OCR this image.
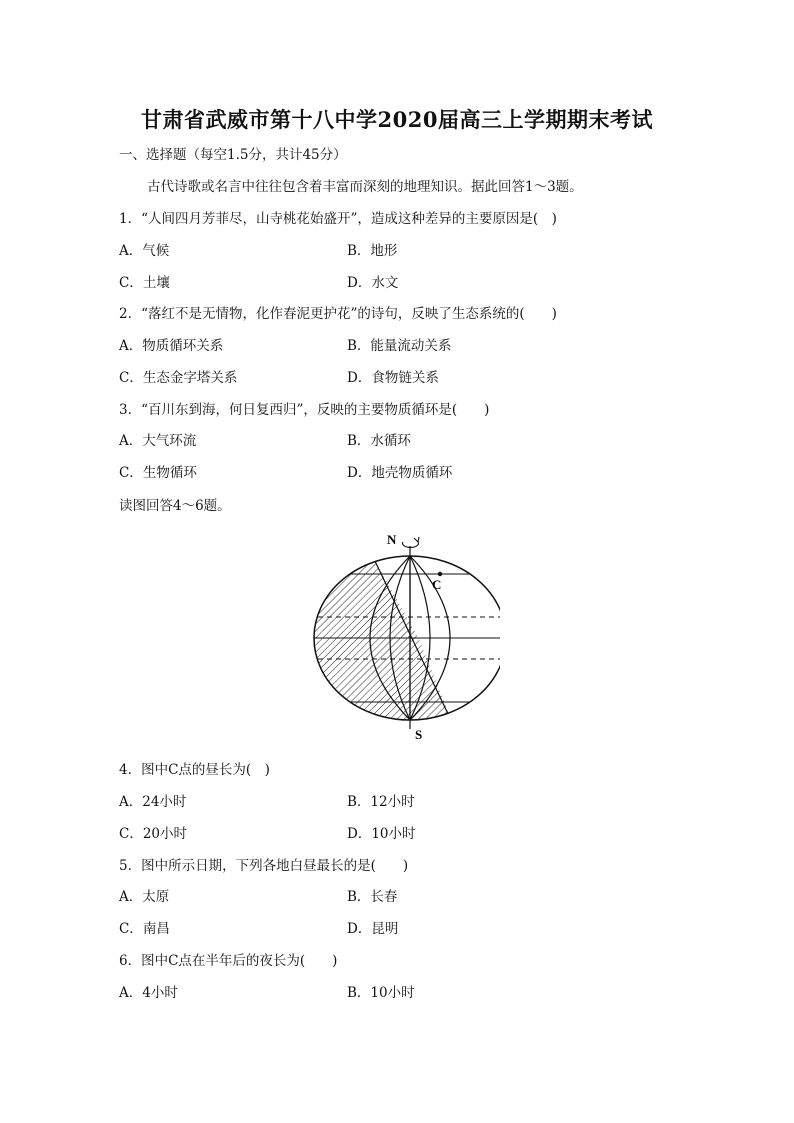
甘肃省武威市第十八中学2020届高三上学期期末考试
一、选择题（每空1.5分，共计45分）
古代诗歌或名言中往往包含着丰富而深刻的地理知识。据此回答1～3题。
1．“人间四月芳菲尽，山寺桃花始盛开”，造成这种差异的主要原因是(　)
A．气候	B．地形
C．土壤	D．水文
2．“落红不是无情物，化作春泥更护花”的诗句，反映了生态系统的(　　)
A．物质循环关系	B．能量流动关系
C．生态金字塔关系	D．食物链关系
3．“百川东到海，何日复西归”，反映的主要物质循环是(　　)
A．大气环流	B．水循环
C．生物循环	D．地壳物质循环
读图回答4～6题。
N
S
C
4．图中C点的昼长为(　)
A．24小时	B．12小时
C．20小时	D．10小时
5．图中所示日期，下列各地白昼最长的是(　　)
A．太原	B．长春
C．南昌	D．昆明
6．图中C点在半年后的夜长为(　　)
A．4小时	B．10小时
